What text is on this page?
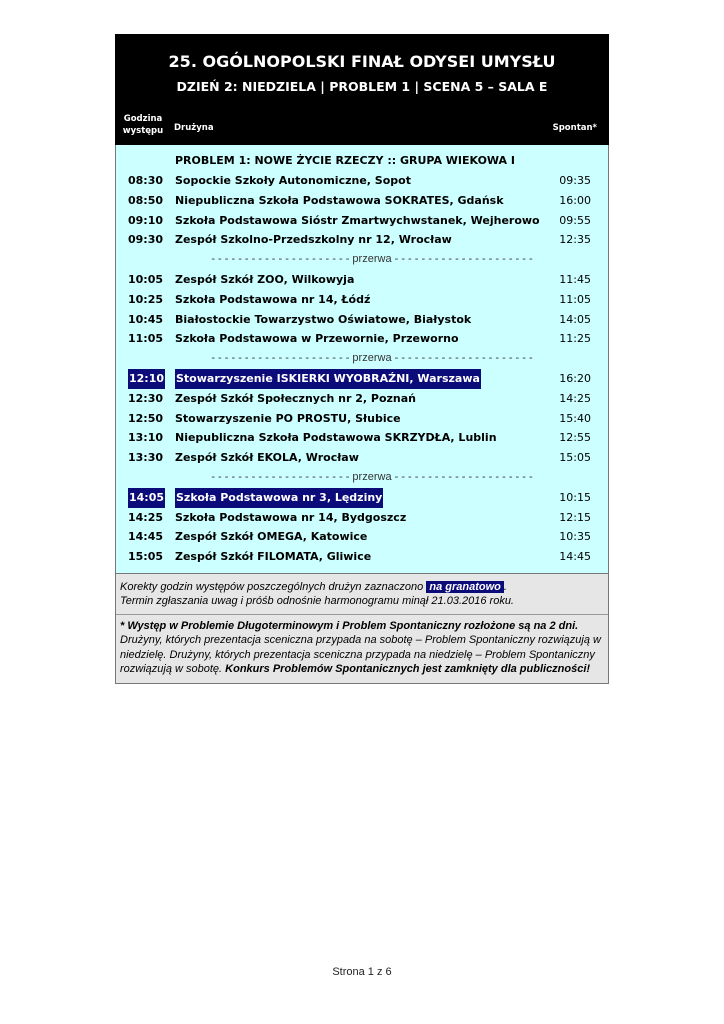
25. OGÓLNOPOLSKI FINAŁ ODYSEI UMYSŁU
DZIEŃ 2: NIEDZIELA | PROBLEM 1 | SCENA 5 – SALA E
Godzina występu Drużyna	Spontan*
PROBLEM 1: NOWE ŻYCIE RZECZY :: GRUPA WIEKOWA I
08:30 Sopockie Szkoły Autonomiczne, Sopot	09:35
08:50 Niepubliczna Szkoła Podstawowa SOKRATES, Gdańsk	16:00
09:10 Szkoła Podstawowa Sióstr Zmartwychwstanek, Wejherowo 09:55
09:30 Zespół Szkolno-Przedszkolny nr 12, Wrocław	12:35
- - - - - - - - - - - - - - - - - - - - - przerwa - - - - - - - - - - - - - - - - - - - - -
10:05 Zespół Szkół ZOO, Wilkowyja	11:45
10:25 Szkoła Podstawowa nr 14, Łódź	11:05
10:45 Białostockie Towarzystwo Oświatowe, Białystok	14:05
11:05 Szkoła Podstawowa w Przewornie, Przeworno	11:25
- - - - - - - - - - - - - - - - - - - - - przerwa - - - - - - - - - - - - - - - - - - - - -
12:10 Stowarzyszenie ISKIERKI WYOBRAŹNI, Warszawa	16:20
12:30 Zespół Szkół Społecznych nr 2, Poznań	14:25
12:50 Stowarzyszenie PO PROSTU, Słubice	15:40
13:10 Niepubliczna Szkoła Podstawowa SKRZYDŁA, Lublin	12:55
13:30 Zespół Szkół EKOLA, Wrocław	15:05
- - - - - - - - - - - - - - - - - - - - - przerwa - - - - - - - - - - - - - - - - - - - - -
14:05 Szkoła Podstawowa nr 3, Lędziny	10:15
14:25 Szkoła Podstawowa nr 14, Bydgoszcz	12:15
14:45 Zespół Szkół OMEGA, Katowice	10:35
15:05 Zespół Szkół FILOMATA, Gliwice	14:45

Korekty godzin występów poszczególnych drużyn zaznaczono na granatowo .

Termin zgłaszania uwag i próśb odnośnie harmonogramu minął 21.03.2016 roku.

* Występ w Problemie Długoterminowym i Problem Spontaniczny rozłożone są na 2 dni. Drużyny, których prezentacja sceniczna przypada na sobotę – Problem Spontaniczny rozwiązują w niedzielę. Drużyny, których prezentacja sceniczna przypada na niedzielę – Problem Spontaniczny rozwiązują w sobotę. Konkurs Problemów Spontanicznych jest zamknięty dla publiczności!

Strona 1 z 6
